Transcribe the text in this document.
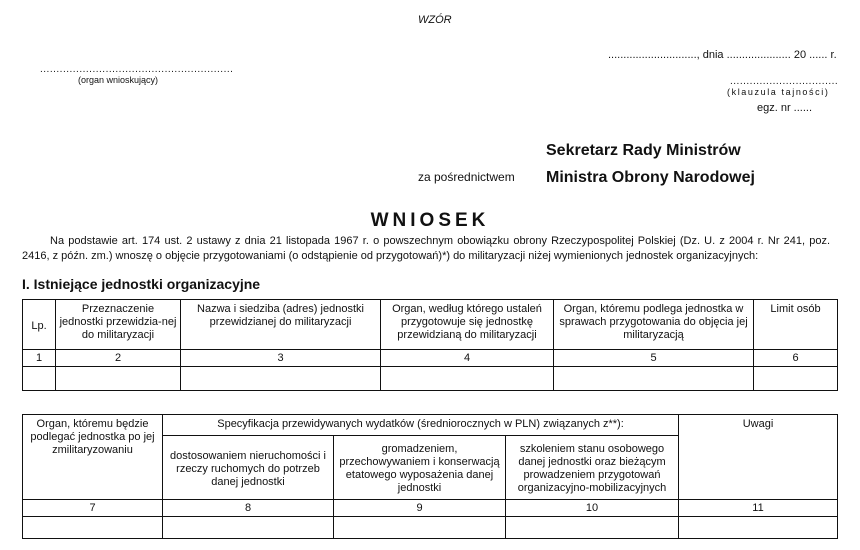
WZÓR
............................., dnia ..................... 20 ...... r.
...........................................................
(organ wnioskujący)	.................................
(klauzula tajności)
egz. nr ......
Sekretarz Rady Ministrów
za pośrednictwem Ministra Obrony Narodowej
WNIOSEK
Na podstawie art. 174 ust. 2 ustawy z dnia 21 listopada 1967 r. o powszechnym obowiązku obrony Rzeczypospolitej Polskiej (Dz. U. z 2004 r. Nr 241, poz. 2416, z późn. zm.) wnoszę o objęcie przygotowaniami (o odstąpienie od przygotowań)*) do militaryzacji niżej wymienionych jednostek organizacyjnych:
I. Istniejące jednostki organizacyjne
Lp.	Przeznaczenie jednostki przewidzia-nej do militaryzacji	Nazwa i siedziba (adres) jednostki przewidzianej do militaryzacji	Organ, według którego ustaleń przygotowuje się jednostkę przewidzianą do militaryzacji	Organ, któremu podlega jednostka w sprawach przygotowania do objęcia jej militaryzacją	Limit osób
1	2	3	4	5	6

Organ, któremu będzie podlegać jednostka po jej zmilitaryzowaniu	Specyfikacja przewidywanych wydatków (średniorocznych w PLN) związanych z**):			Uwagi
	dostosowaniem nieruchomości i rzeczy ruchomych do potrzeb danej jednostki	gromadzeniem, przechowywaniem i konserwacją etatowego wyposażenia danej jednostki	szkoleniem stanu osobowego danej jednostki oraz bieżącym prowadzeniem przygotowań organizacyjno-mobilizacyjnych	
7	8	9	10	11
